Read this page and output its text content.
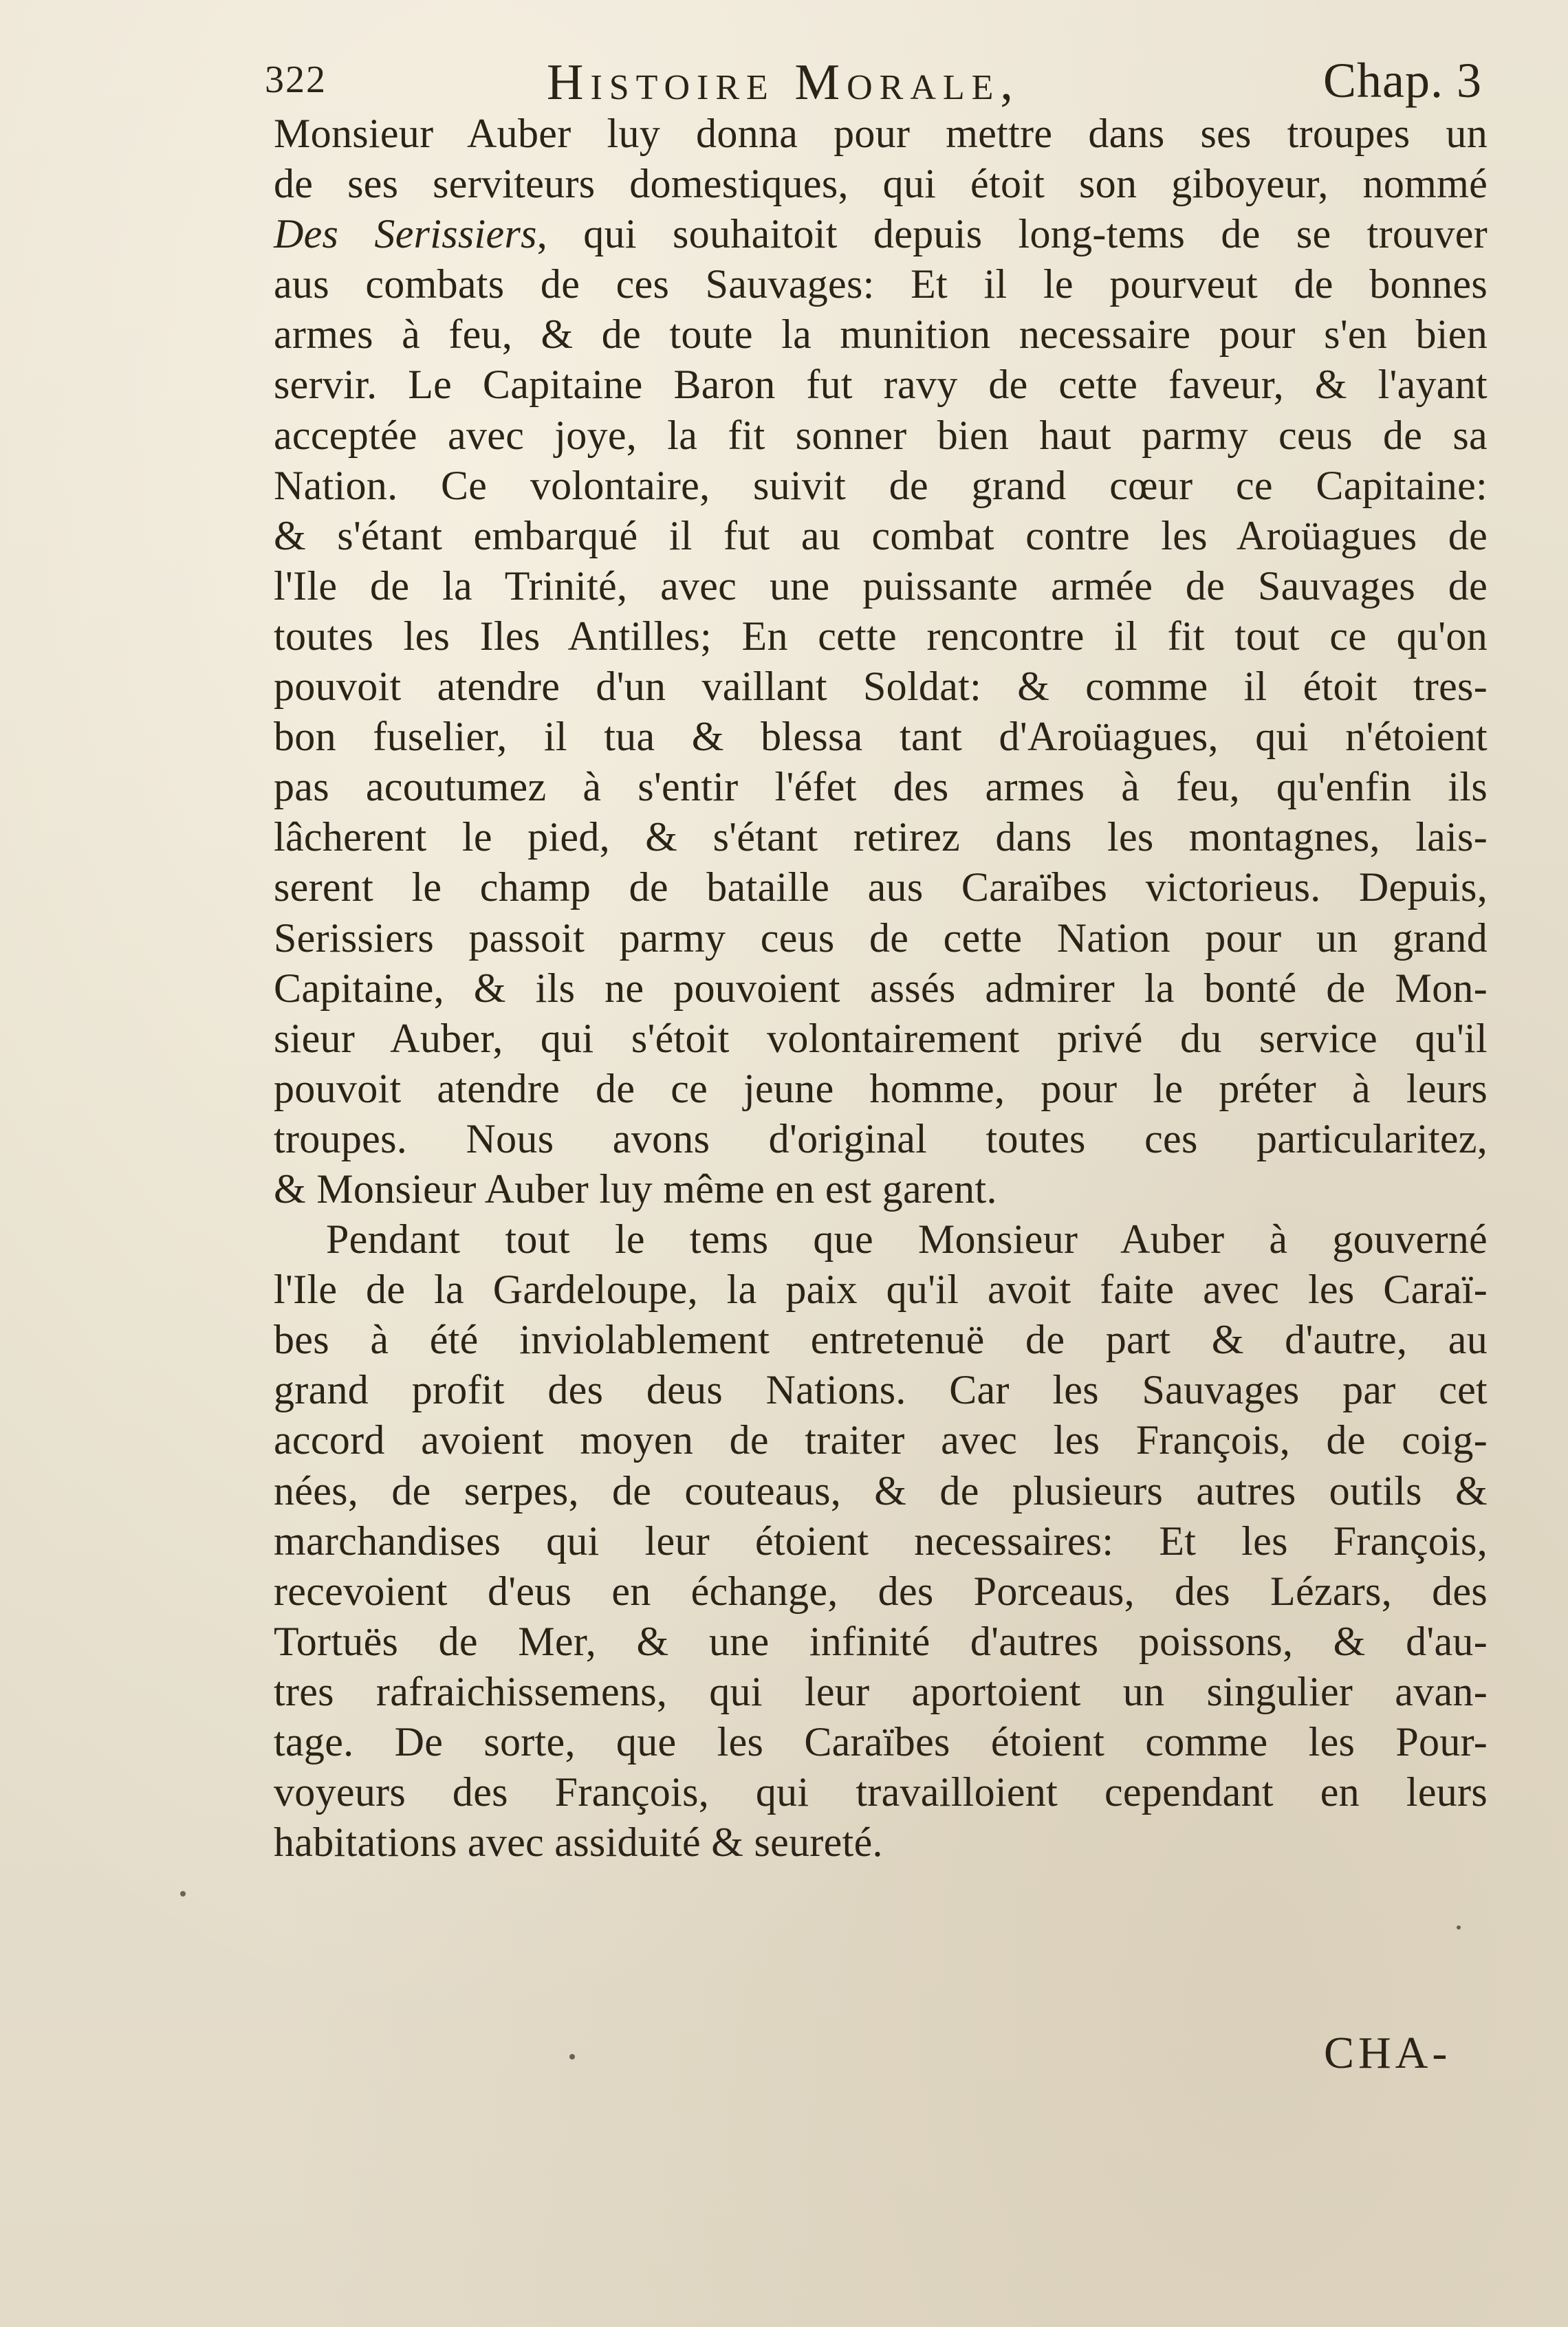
322	Histoire Morale,	Chap. 3
Monsieur Auber luy donna pour mettre dans ses troupes un
de ses serviteurs domestiques, qui étoit son giboyeur, nommé
Des Serissiers, qui souhaitoit depuis long-tems de se trouver
aus combats de ces Sauvages: Et il le pourveut de bonnes
armes à feu, & de toute la munition necessaire pour s'en bien
servir. Le Capitaine Baron fut ravy de cette faveur, & l'ayant
acceptée avec joye, la fit sonner bien haut parmy ceus de sa
Nation. Ce volontaire, suivit de grand cœur ce Capitaine:
& s'étant embarqué il fut au combat contre les Aroüagues de
l'Ile de la Trinité, avec une puissante armée de Sauvages de
toutes les Iles Antilles; En cette rencontre il fit tout ce qu'on
pouvoit atendre d'un vaillant Soldat: & comme il étoit tres-
bon fuselier, il tua & blessa tant d'Aroüagues, qui n'étoient
pas acoutumez à s'entir l'éfet des armes à feu, qu'enfin ils
lâcherent le pied, & s'étant retirez dans les montagnes, lais-
serent le champ de bataille aus Caraïbes victorieus. Depuis,
Serissiers passoit parmy ceus de cette Nation pour un grand
Capitaine, & ils ne pouvoient assés admirer la bonté de Mon-
sieur Auber, qui s'étoit volontairement privé du service qu'il
pouvoit atendre de ce jeune homme, pour le préter à leurs
troupes. Nous avons d'original toutes ces particularitez,
& Monsieur Auber luy même en est garent.
Pendant tout le tems que Monsieur Auber à gouverné
l'Ile de la Gardeloupe, la paix qu'il avoit faite avec les Caraï-
bes à été inviolablement entretenuë de part & d'autre, au
grand profit des deus Nations. Car les Sauvages par cet
accord avoient moyen de traiter avec les François, de coig-
nées, de serpes, de couteaus, & de plusieurs autres outils &
marchandises qui leur étoient necessaires: Et les François,
recevoient d'eus en échange, des Porceaus, des Lézars, des
Tortuës de Mer, & une infinité d'autres poissons, & d'au-
tres rafraichissemens, qui leur aportoient un singulier avan-
tage. De sorte, que les Caraïbes étoient comme les Pour-
voyeurs des François, qui travailloient cependant en leurs
habitations avec assiduité & seureté.
CHA-
